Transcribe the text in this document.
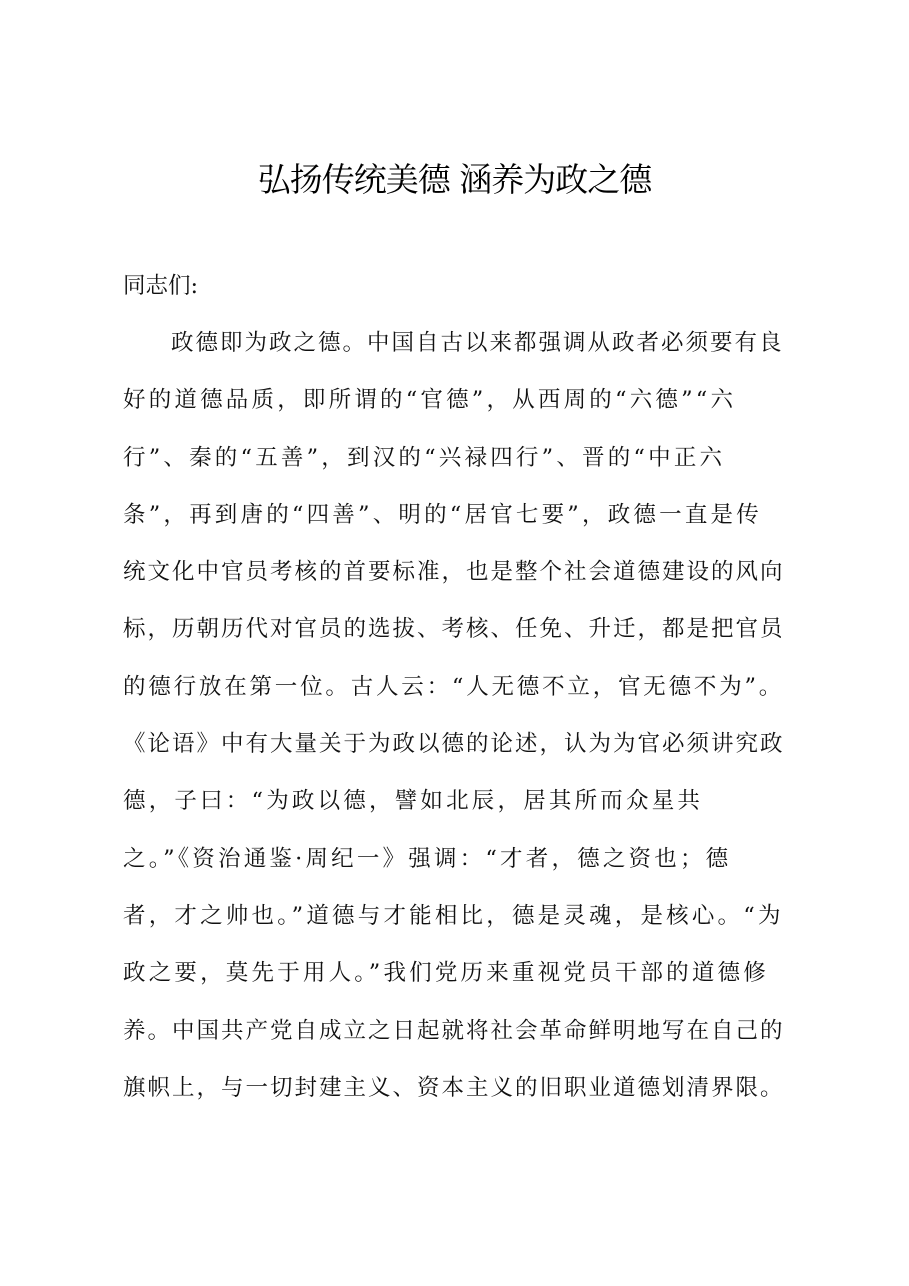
弘扬传统美德 涵养为政之德
同志们:
政德即为政之德。中国自古以来都强调从政者必须要有良
好的道德品质，即所谓的“官德”，从西周的“六德”“六
行”、秦的“五善”，到汉的“兴禄四行”、晋的“中正六
条”，再到唐的“四善”、明的“居官七要”，政德一直是传
统文化中官员考核的首要标准，也是整个社会道德建设的风向
标，历朝历代对官员的选拔、考核、任免、升迁，都是把官员
的德行放在第一位。古人云：“人无德不立，官无德不为”。
《论语》中有大量关于为政以德的论述，认为为官必须讲究政
德，子曰：“为政以德，譬如北辰，居其所而众星共
之。”《资治通鉴·周纪一》强调：“才者，德之资也；德
者，才之帅也。”道德与才能相比，德是灵魂，是核心。“为
政之要，莫先于用人。”我们党历来重视党员干部的道德修
养。中国共产党自成立之日起就将社会革命鲜明地写在自己的
旗帜上，与一切封建主义、资本主义的旧职业道德划清界限。
